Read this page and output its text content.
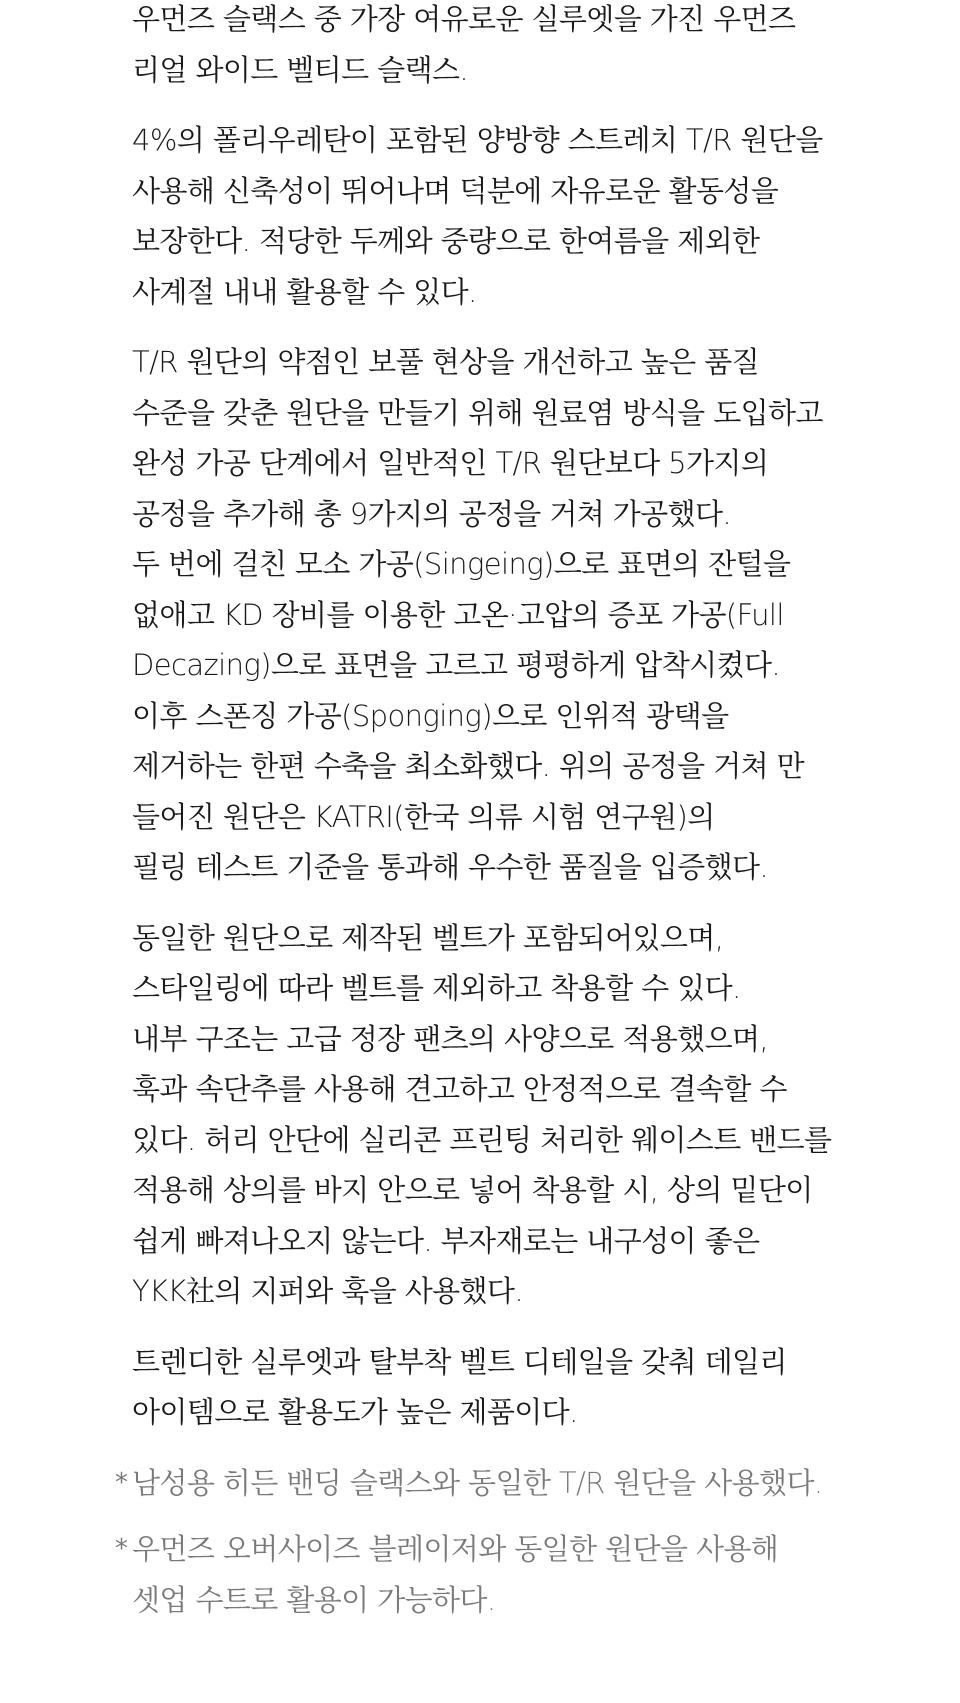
우먼즈 슬랙스 중 가장 여유로운 실루엣을 가진 우먼즈
리얼 와이드 벨티드 슬랙스.
4%의 폴리우레탄이 포함된 양방향 스트레치 T/R 원단을
사용해 신축성이 뛰어나며 덕분에 자유로운 활동성을
보장한다. 적당한 두께와 중량으로 한여름을 제외한
사계절 내내 활용할 수 있다.
T/R 원단의 약점인 보풀 현상을 개선하고 높은 품질
수준을 갖춘 원단을 만들기 위해 원료염 방식을 도입하고
완성 가공 단계에서 일반적인 T/R 원단보다 5가지의
공정을 추가해 총 9가지의 공정을 거쳐 가공했다.
두 번에 걸친 모소 가공(Singeing)으로 표면의 잔털을
없애고 KD 장비를 이용한 고온·고압의 증포 가공(Full
Decazing)으로 표면을 고르고 평평하게 압착시켰다.
이후 스폰징 가공(Sponging)으로 인위적 광택을
제거하는 한편 수축을 최소화했다. 위의 공정을 거쳐 만
들어진 원단은 KATRI(한국 의류 시험 연구원)의
필링 테스트 기준을 통과해 우수한 품질을 입증했다.
동일한 원단으로 제작된 벨트가 포함되어있으며,
스타일링에 따라 벨트를 제외하고 착용할 수 있다.
내부 구조는 고급 정장 팬츠의 사양으로 적용했으며,
훅과 속단추를 사용해 견고하고 안정적으로 결속할 수
있다. 허리 안단에 실리콘 프린팅 처리한 웨이스트 밴드를
적용해 상의를 바지 안으로 넣어 착용할 시, 상의 밑단이
쉽게 빠져나오지 않는다. 부자재로는 내구성이 좋은
YKK社의 지퍼와 훅을 사용했다.
트렌디한 실루엣과 탈부착 벨트 디테일을 갖춰 데일리
아이템으로 활용도가 높은 제품이다.
* 남성용 히든 밴딩 슬랙스와 동일한 T/R 원단을 사용했다.
* 우먼즈 오버사이즈 블레이저와 동일한 원단을 사용해
셋업 수트로 활용이 가능하다.
